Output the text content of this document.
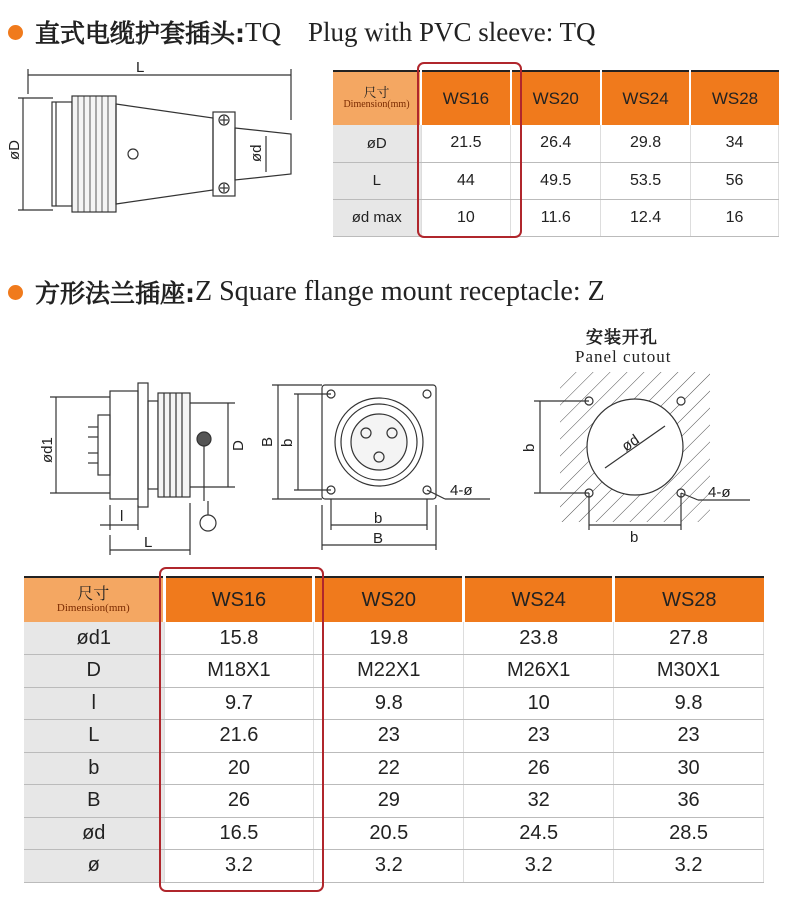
直式电缆护套插头: TQ    Plug with PVC sleeve: TQ
L
øD	ød
尺寸
Dimension(mm)	WS16	WS20	WS24	WS28
øD	21.5	26.4	29.8	34
L	44	49.5	53.5	56
ød max	10	11.6	12.4	16
方形法兰插座: Z Square flange mount receptacle: Z
ød1	D
l
L
B b
b
B
4-ø
安装开孔
Panel cutout
ød
b
b
4-ø
尺寸
Dimension(mm)	WS16	WS20	WS24	WS28
ød1	15.8	19.8	23.8	27.8
D	M18X1	M22X1	M26X1	M30X1
l	9.7	9.8	10	9.8
L	21.6	23	23	23
b	20	22	26	30
B	26	29	32	36
ød	16.5	20.5	24.5	28.5
ø	3.2	3.2	3.2	3.2
